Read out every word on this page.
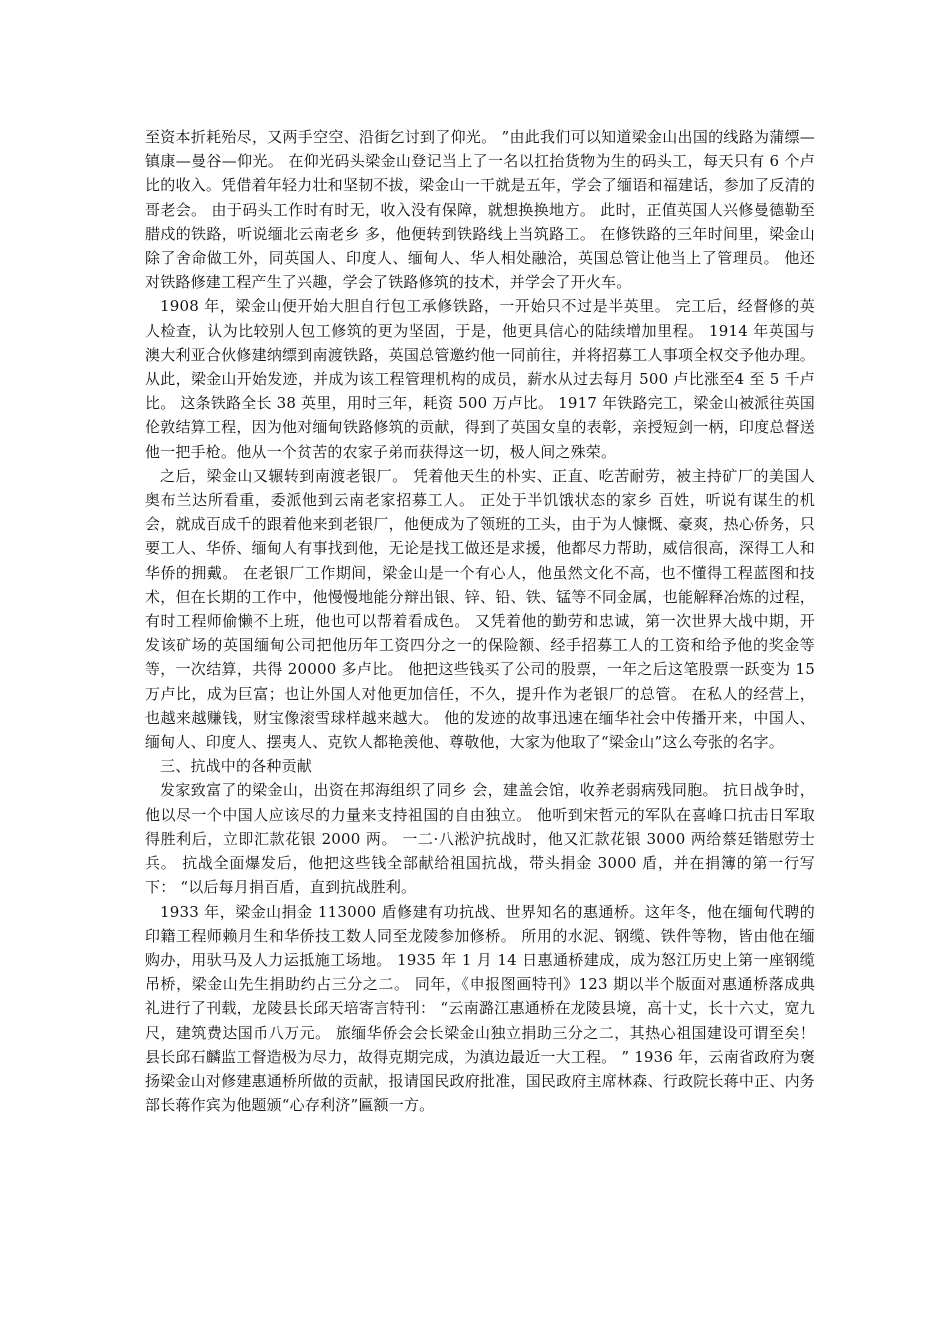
至资本折耗殆尽，又两手空空、沿街乞讨到了仰光。 ”由此我们可以知道梁金山出国的线路为蒲缥—镇康—曼谷—仰光。 在仰光码头梁金山登记当上了一名以扛抬货物为生的码头工，每天只有 6 个卢比的收入。凭借着年轻力壮和坚韧不拔，梁金山一干就是五年，学会了缅语和福建话，参加了反清的哥老会。 由于码头工作时有时无，收入没有保障，就想换换地方。 此时，正值英国人兴修曼德勒至腊戍的铁路，听说缅北云南老乡 多，他便转到铁路线上当筑路工。 在修铁路的三年时间里，梁金山除了舍命做工外，同英国人、印度人、缅甸人、华人相处融洽，英国总管让他当上了管理员。 他还对铁路修建工程产生了兴趣，学会了铁路修筑的技术，并学会了开火车。

1908 年，梁金山便开始大胆自行包工承修铁路，一开始只不过是半英里。 完工后，经督修的英人检查，认为比较别人包工修筑的更为坚固，于是，他更具信心的陆续增加里程。 1914 年英国与澳大利亚合伙修建纳缥到南渡铁路，英国总管邀约他一同前往，并将招募工人事项全权交予他办理。 从此，梁金山开始发迹，并成为该工程管理机构的成员，薪水从过去每月 500 卢比涨至4 至 5 千卢比。 这条铁路全长 38 英里，用时三年，耗资 500 万卢比。 1917 年铁路完工，梁金山被派往英国伦敦结算工程，因为他对缅甸铁路修筑的贡献，得到了英国女皇的表彰，亲授短剑一柄，印度总督送他一把手枪。他从一个贫苦的农家子弟而获得这一切，极人间之殊荣。

之后，梁金山又辗转到南渡老银厂。 凭着他天生的朴实、正直、吃苦耐劳，被主持矿厂的美国人奥布兰达所看重，委派他到云南老家招募工人。 正处于半饥饿状态的家乡 百姓，听说有谋生的机会，就成百成千的跟着他来到老银厂，他便成为了领班的工头，由于为人慷慨、豪爽，热心侨务，只要工人、华侨、缅甸人有事找到他，无论是找工做还是求援，他都尽力帮助，威信很高，深得工人和华侨的拥戴。 在老银厂工作期间，梁金山是一个有心人，他虽然文化不高，也不懂得工程蓝图和技术，但在长期的工作中，他慢慢地能分辩出银、锌、铅、铁、锰等不同金属，也能解释冶炼的过程，有时工程师偷懒不上班，他也可以帮着看成色。 又凭着他的勤劳和忠诚，第一次世界大战中期，开发该矿场的英国缅甸公司把他历年工资四分之一的保险额、经手招募工人的工资和给予他的奖金等等，一次结算，共得 20000 多卢比。 他把这些钱买了公司的股票，一年之后这笔股票一跃变为 15 万卢比，成为巨富；也让外国人对他更加信任，不久，提升作为老银厂的总管。 在私人的经营上，也越来越赚钱，财宝像滚雪球样越来越大。 他的发迹的故事迅速在缅华社会中传播开来，中国人、缅甸人、印度人、摆夷人、克钦人都艳羡他、尊敬他，大家为他取了“梁金山”这么夸张的名字。

三、抗战中的各种贡献

发家致富了的梁金山，出资在邦海组织了同乡 会，建盖会馆，收养老弱病残同胞。 抗日战争时，他以尽一个中国人应该尽的力量来支持祖国的自由独立。 他听到宋哲元的军队在喜峰口抗击日军取得胜利后，立即汇款花银 2000 两。 一二·八淞沪抗战时，他又汇款花银 3000 两给蔡廷锴慰劳士兵。 抗战全面爆发后，他把这些钱全部献给祖国抗战，带头捐金 3000 盾，并在捐簿的第一行写下： “以后每月捐百盾，直到抗战胜利。

1933 年，梁金山捐金 113000 盾修建有功抗战、世界知名的惠通桥。这年冬，他在缅甸代聘的印籍工程师赖月生和华侨技工数人同至龙陵参加修桥。 所用的水泥、钢缆、铁件等物，皆由他在缅购办，用驮马及人力运抵施工场地。 1935 年 1 月 14 日惠通桥建成，成为怒江历史上第一座钢缆吊桥，梁金山先生捐助约占三分之二。 同年，《申报图画特刊》123 期以半个版面对惠通桥落成典礼进行了刊载，龙陵县长邱天培寄言特刊： “云南潞江惠通桥在龙陵县境，高十丈，长十六丈，宽九尺，建筑费达国币八万元。 旅缅华侨会会长梁金山独立捐助三分之二，其热心祖国建设可谓至矣！ 县长邱石麟监工督造极为尽力，故得克期完成，为滇边最近一大工程。 ” 1936 年，云南省政府为褒扬梁金山对修建惠通桥所做的贡献，报请国民政府批准，国民政府主席林森、行政院长蒋中正、内务部长蒋作宾为他题颁“心存利济”匾额一方。
